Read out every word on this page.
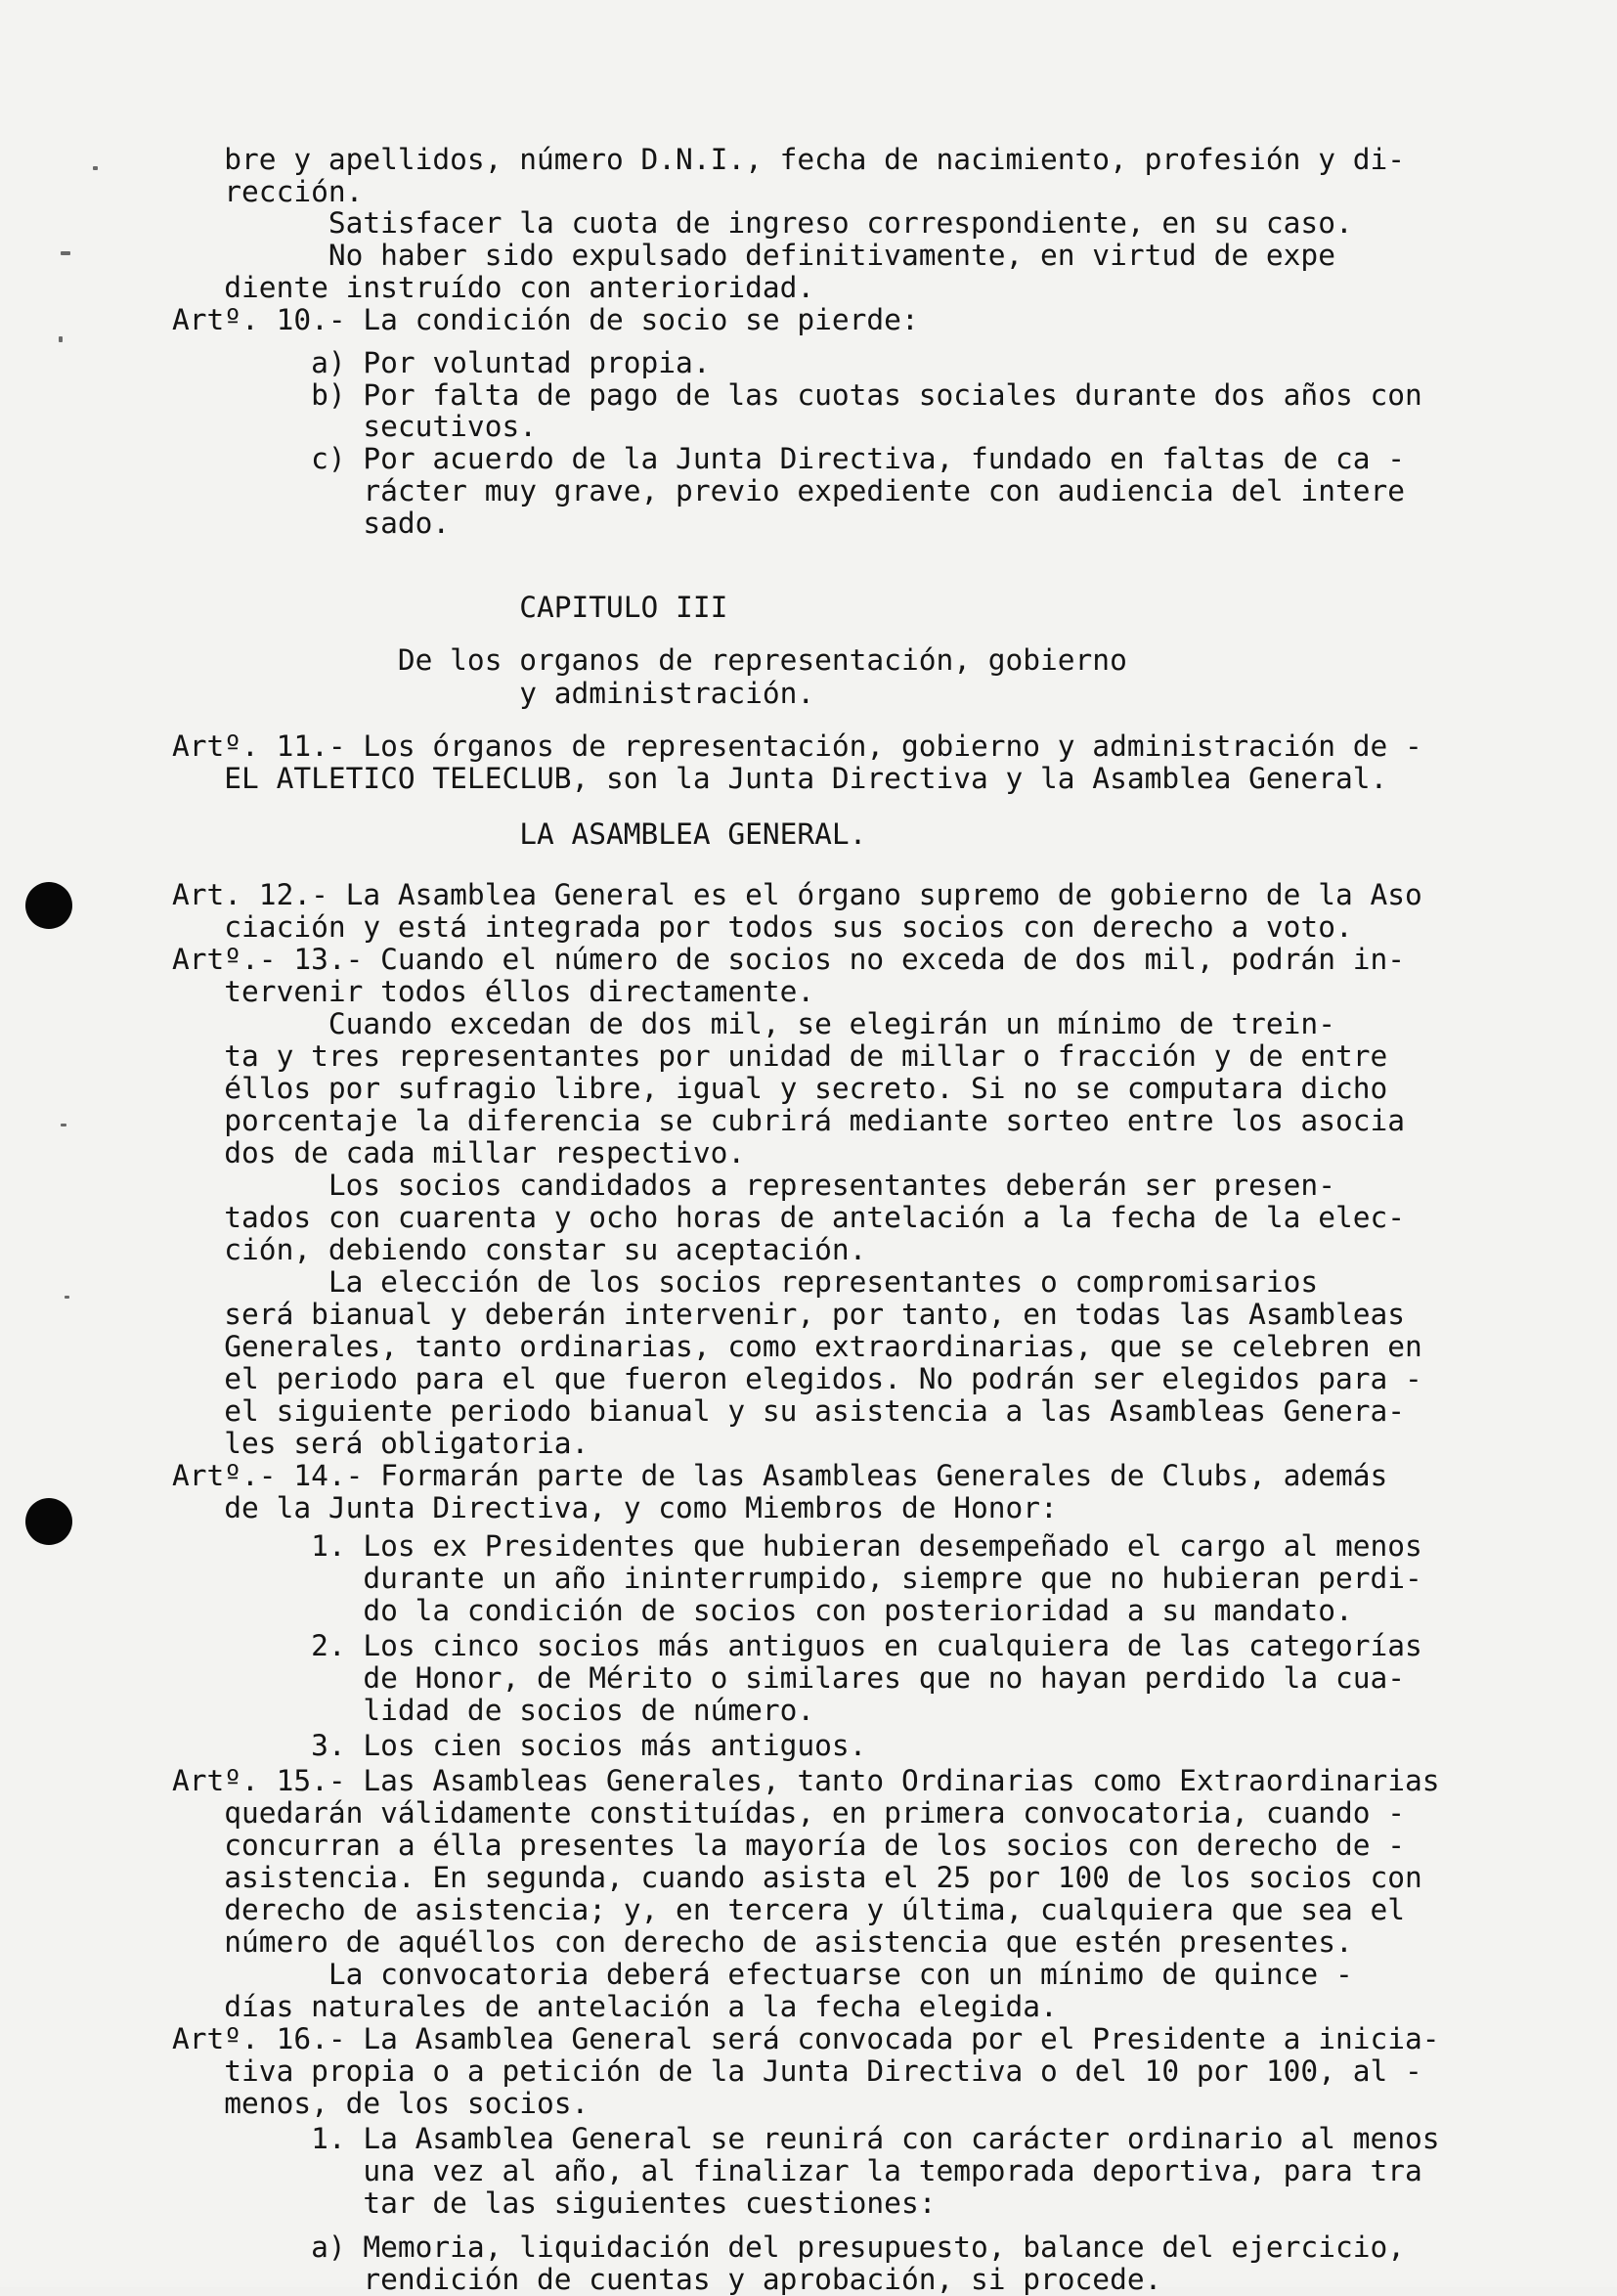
bre y apellidos, número D.N.I., fecha de nacimiento, profesión y di-
rección.
Satisfacer la cuota de ingreso correspondiente, en su caso.
No haber sido expulsado definitivamente, en virtud de expe
diente instruído con anterioridad.
Artº. 10.- La condición de socio se pierde:
a) Por voluntad propia.
b) Por falta de pago de las cuotas sociales durante dos años con
secutivos.
c) Por acuerdo de la Junta Directiva, fundado en faltas de ca -
rácter muy grave, previo expediente con audiencia del intere
sado.
CAPITULO III
De los organos de representación, gobierno
y administración.
Artº. 11.- Los órganos de representación, gobierno y administración de -
EL ATLETICO TELECLUB, son la Junta Directiva y la Asamblea General.
LA ASAMBLEA GENERAL.
Art. 12.- La Asamblea General es el órgano supremo de gobierno de la Aso
ciación y está integrada por todos sus socios con derecho a voto.
Artº.- 13.- Cuando el número de socios no exceda de dos mil, podrán in-
tervenir todos éllos directamente.
Cuando excedan de dos mil, se elegirán un mínimo de trein-
ta y tres representantes por unidad de millar o fracción y de entre
éllos por sufragio libre, igual y secreto. Si no se computara dicho
porcentaje la diferencia se cubrirá mediante sorteo entre los asocia
dos de cada millar respectivo.
Los socios candidados a representantes deberán ser presen-
tados con cuarenta y ocho horas de antelación a la fecha de la elec-
ción, debiendo constar su aceptación.
La elección de los socios representantes o compromisarios
será bianual y deberán intervenir, por tanto, en todas las Asambleas
Generales, tanto ordinarias, como extraordinarias, que se celebren en
el periodo para el que fueron elegidos. No podrán ser elegidos para -
el siguiente periodo bianual y su asistencia a las Asambleas Genera-
les será obligatoria.
Artº.- 14.- Formarán parte de las Asambleas Generales de Clubs, además
de la Junta Directiva, y como Miembros de Honor:
1. Los ex Presidentes que hubieran desempeñado el cargo al menos
durante un año ininterrumpido, siempre que no hubieran perdi-
do la condición de socios con posterioridad a su mandato.
2. Los cinco socios más antiguos en cualquiera de las categorías
de Honor, de Mérito o similares que no hayan perdido la cua-
lidad de socios de número.
3. Los cien socios más antiguos.
Artº. 15.- Las Asambleas Generales, tanto Ordinarias como Extraordinarias
quedarán válidamente constituídas, en primera convocatoria, cuando -
concurran a élla presentes la mayoría de los socios con derecho de -
asistencia. En segunda, cuando asista el 25 por 100 de los socios con
derecho de asistencia; y, en tercera y última, cualquiera que sea el
número de aquéllos con derecho de asistencia que estén presentes.
La convocatoria deberá efectuarse con un mínimo de quince -
días naturales de antelación a la fecha elegida.
Artº. 16.- La Asamblea General será convocada por el Presidente a inicia-
tiva propia o a petición de la Junta Directiva o del 10 por 100, al -
menos, de los socios.
1. La Asamblea General se reunirá con carácter ordinario al menos
una vez al año, al finalizar la temporada deportiva, para tra
tar de las siguientes cuestiones:
a) Memoria, liquidación del presupuesto, balance del ejercicio,
rendición de cuentas y aprobación, si procede.
